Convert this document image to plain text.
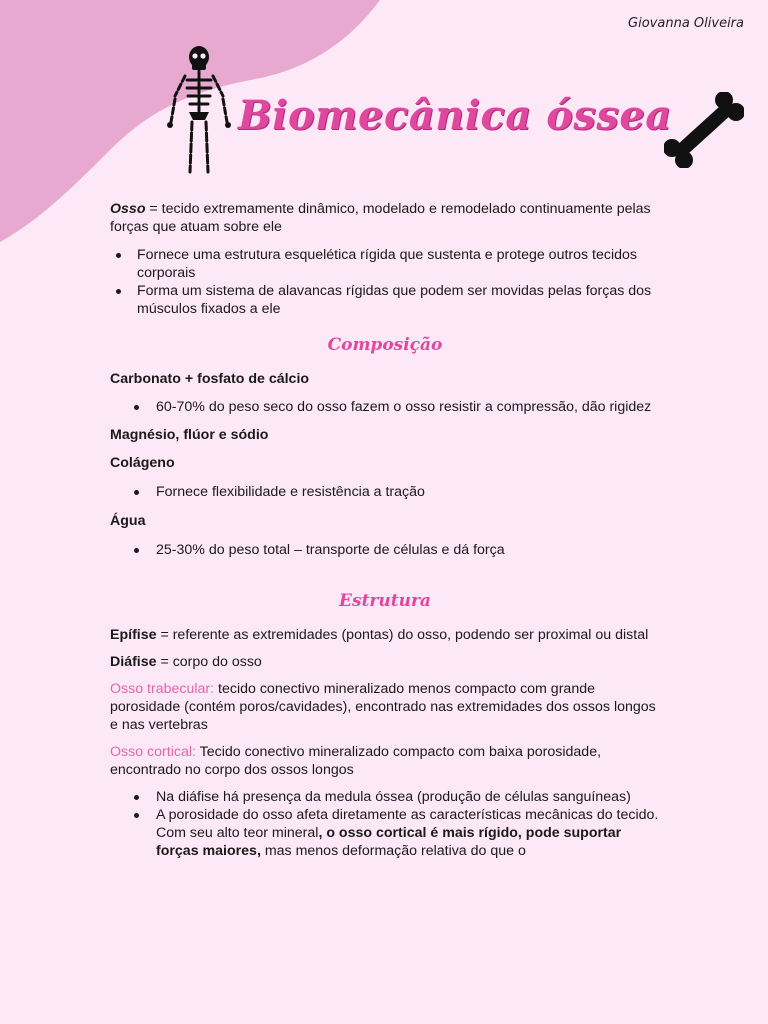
Giovanna Oliveira
Biomecânica óssea

Osso = tecido extremamente dinâmico, modelado e remodelado continuamente pelas forças que atuam sobre ele

Fornece uma estrutura esquelética rígida que sustenta e protege outros tecidos corporais
Forma um sistema de alavancas rígidas que podem ser movidas pelas forças dos músculos fixados a ele
Composição

Carbonato + fosfato de cálcio

60-70% do peso seco do osso fazem o osso resistir a compressão, dão rigidez

Magnésio, flúor e sódio

Colágeno

Fornece flexibilidade e resistência a tração

Água

25-30% do peso total – transporte de células e dá força
Estrutura

Epífise = referente as extremidades (pontas) do osso, podendo ser proximal ou distal

Diáfise = corpo do osso

Osso trabecular: tecido conectivo mineralizado menos compacto com grande porosidade (contém poros/cavidades), encontrado nas extremidades dos ossos longos e nas vertebras

Osso cortical: Tecido conectivo mineralizado compacto com baixa porosidade, encontrado no corpo dos ossos longos

Na diáfise há presença da medula óssea (produção de células sanguíneas)
A porosidade do osso afeta diretamente as características mecânicas do tecido. Com seu alto teor mineral, o osso cortical é mais rígido, pode suportar forças maiores, mas menos deformação relativa do que o
